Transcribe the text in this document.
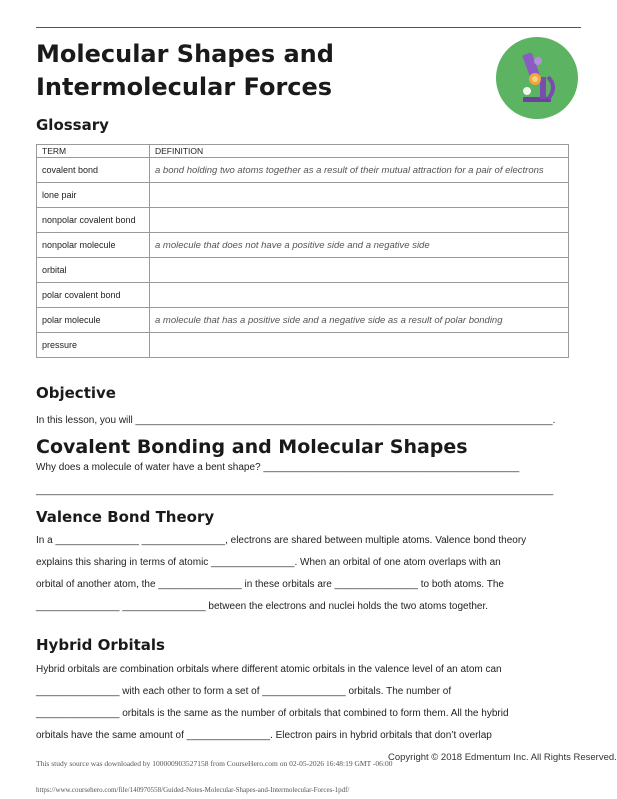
Molecular Shapes and
Intermolecular Forces
Glossary
TERM	DEFINITION
covalent bond	a bond holding two atoms together as a result of their mutual attraction for a pair of electrons
lone pair	
nonpolar covalent bond	
nonpolar molecule	a molecule that does not have a positive side and a negative side
orbital	
polar covalent bond	
polar molecule	a molecule that has a positive side and a negative side as a result of polar bonding
pressure	
Objective

In this lesson, you will ___________________________________________________________________________.

Covalent Bonding and Molecular Shapes

Why does a molecule of water have a bent shape? ______________________________________________

_____________________________________________________________________________________________

Valence Bond Theory

In a _______________ _______________, electrons are shared between multiple atoms. Valence bond theory

explains this sharing in terms of atomic _______________. When an orbital of one atom overlaps with an

orbital of another atom, the _______________ in these orbitals are _______________ to both atoms. The

_______________ _______________ between the electrons and nuclei holds the two atoms together.

Hybrid Orbitals

Hybrid orbitals are combination orbitals where different atomic orbitals in the valence level of an atom can

_______________ with each other to form a set of _______________ orbitals. The number of

_______________ orbitals is the same as the number of orbitals that combined to form them. All the hybrid

orbitals have the same amount of _______________. Electron pairs in hybrid orbitals that don’t overlap

Copyright © 2018 Edmentum Inc. All Rights Reserved.
This study source was downloaded by 100000903527158 from CourseHero.com on 02-05-2026 16:48:19 GMT -06:00
https://www.coursehero.com/file/140970558/Guided-Notes-Molecular-Shapes-and-Intermolecular-Forces-1pdf/
